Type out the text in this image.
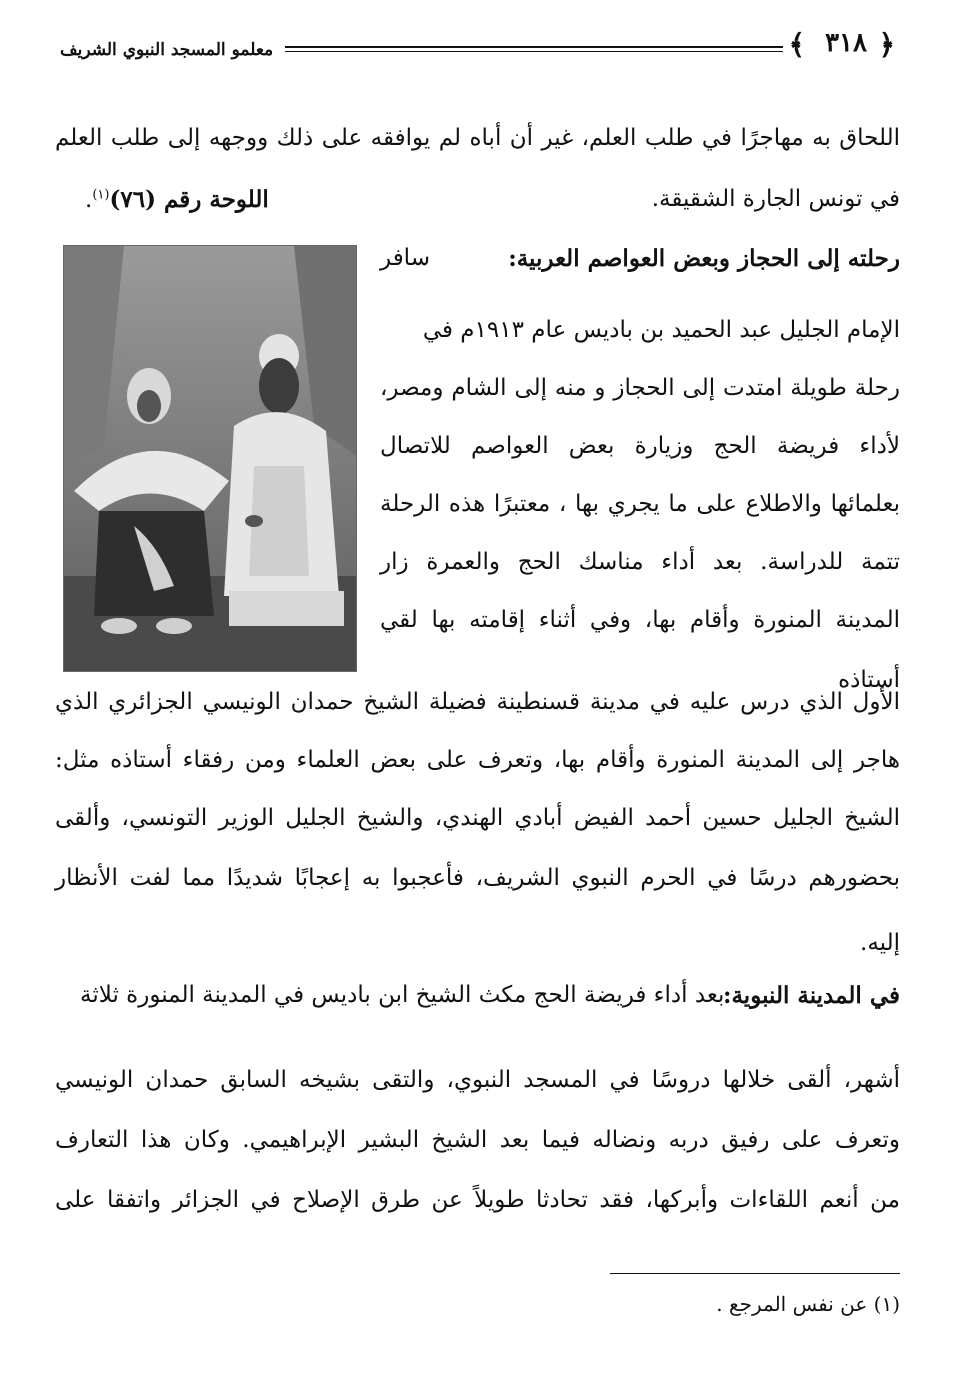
﴿
٣١٨
﴾
معلمو المسجد النبوي الشريف
اللحاق به مهاجرًا في طلب العلم، غير أن أباه لم يوافقه على ذلك ووجهه إلى طلب العلم
في تونس الجارة الشقيقة.
اللوحة رقم (٧٦)$^{(١)}$.
رحلته إلى الحجاز وبعض العواصم العربية:
سافر
الإمام الجليل عبد الحميد بن باديس عام ١٩١٣م في
رحلة طويلة امتدت إلى الحجاز و منه إلى الشام ومصر،
لأداء فريضة الحج وزيارة بعض العواصم للاتصال
بعلمائها والاطلاع على ما يجري بها ، معتبرًا هذه الرحلة
تتمة للدراسة. بعد أداء مناسك الحج والعمرة زار
المدينة المنورة وأقام بها، وفي أثناء إقامته بها لقي أستاذه
الأول الذي درس عليه في مدينة قسنطينة فضيلة الشيخ حمدان الونيسي الجزائري الذي
هاجر إلى المدينة المنورة وأقام بها، وتعرف على بعض العلماء ومن رفقاء أستاذه مثل:
الشيخ الجليل حسين أحمد الفيض أبادي الهندي، والشيخ الجليل الوزير التونسي، وألقى
بحضورهم درسًا في الحرم النبوي الشريف، فأعجبوا به إعجابًا شديدًا مما لفت الأنظار
إليه.
في المدينة النبوية:
بعد أداء فريضة الحج مكث الشيخ ابن باديس في المدينة المنورة ثلاثة
أشهر، ألقى خلالها دروسًا في المسجد النبوي، والتقى بشيخه السابق حمدان الونيسي
وتعرف على رفيق دربه ونضاله فيما بعد الشيخ البشير الإبراهيمي. وكان هذا التعارف
من أنعم اللقاءات وأبركها، فقد تحادثا طويلاً عن طرق الإصلاح في الجزائر واتفقا على
(١) عن نفس المرجع .
